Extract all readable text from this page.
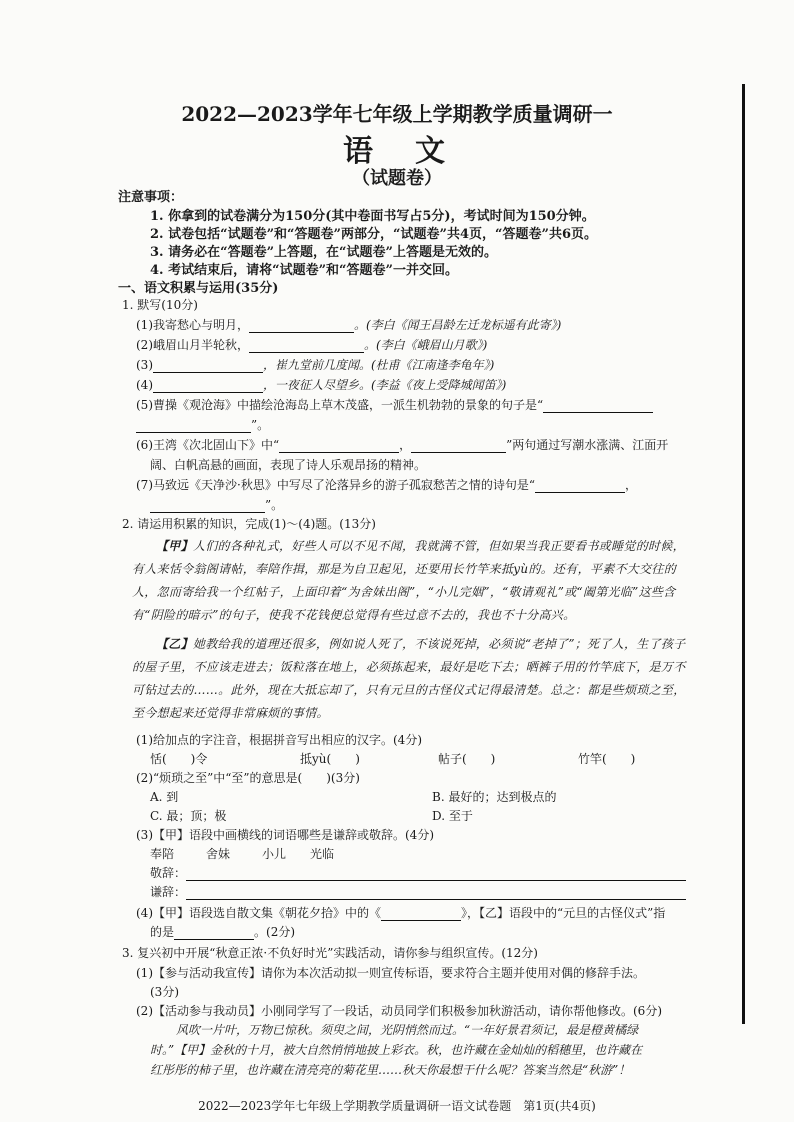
2022—2023学年七年级上学期教学质量调研一
语　文
（试题卷）
注意事项：
1. 你拿到的试卷满分为150分(其中卷面书写占5分)，考试时间为150分钟。
2. 试卷包括“试题卷”和“答题卷”两部分，“试题卷”共4页，“答题卷”共6页。
3. 请务必在“答题卷”上答题，在“试题卷”上答题是无效的。
4. 考试结束后，请将“试题卷”和“答题卷”一并交回。
一、语文积累与运用(35分)
1. 默写(10分)
(1)我寄愁心与明月，	。(李白《闻王昌龄左迁龙标遥有此寄》)
(2)峨眉山月半轮秋，	。(李白《峨眉山月歌》)
(3)	，崔九堂前几度闻。(杜甫《江南逢李龟年》)
(4)	，一夜征人尽望乡。(李益《夜上受降城闻笛》)
(5)曹操《观沧海》中描绘沧海岛上草木茂盛，一派生机勃勃的景象的句子是“
”。
(6)王湾《次北固山下》中“	，	”两句通过写潮水涨满、江面开
阔、白帆高悬的画面，表现了诗人乐观昂扬的精神。
(7)马致远《天净沙·秋思》中写尽了沦落异乡的游子孤寂愁苦之情的诗句是“	，
”。
2. 请运用积累的知识，完成(1)～(4)题。(13分)
【甲】人们的各种礼式，好些人可以不见不闻，我就满不管，但如果当我正要看书或睡觉的时候，有人来恬令翁阁请帖，奉陪作揖，那是为自卫起见，还要用长竹竿来抵yù的。还有，平素不大交往的人，忽而寄给我一个红帖子，上面印着“为舍妹出阁”，“小儿完姻”，“敬请观礼”或“阖第光临”这些含有“阴险的暗示”的句子，使我不花钱便总觉得有些过意不去的，我也不十分高兴。
【乙】她教给我的道理还很多，例如说人死了，不该说死掉，必须说“老掉了”；死了人，生了孩子的屋子里，不应该走进去；饭粒落在地上，必须拣起来，最好是吃下去；晒裤子用的竹竿底下，是万不可钻过去的……。此外，现在大抵忘却了，只有元旦的古怪仪式记得最清楚。总之：都是些烦琐之至，至今想起来还觉得非常麻烦的事情。
(1)给加点的字注音，根据拼音写出相应的汉字。(4分)
恬(　　)令	抵yù(　　)	帖子(　　)	竹竿(　　)
(2)“烦琐之至”中“至”的意思是(　　)(3分)
A. 到	B. 最好的；达到极点的
C. 最；顶；极	D. 至于
(3)【甲】语段中画横线的词语哪些是谦辞或敬辞。(4分)
奉陪	舍妹	小儿 光临
敬辞：
谦辞：
(4)【甲】语段选自散文集《朝花夕拾》中的《	》，【乙】语段中的“元旦的古怪仪式”指
的是	。(2分)
3. 复兴初中开展“秋意正浓·不负好时光”实践活动，请你参与组织宣传。(12分)
(1)【参与活动我宣传】请你为本次活动拟一则宣传标语，要求符合主题并使用对偶的修辞手法。
(3分)
(2)【活动参与我动员】小刚同学写了一段话，动员同学们积极参加秋游活动，请你帮他修改。(6分)
风吹一片叶，万物已惊秋。须臾之间，光阴悄然而过。“一年好景君须记，最是橙黄橘绿
时。”【甲】金秋的十月，被大自然悄悄地披上彩衣。秋，也许藏在金灿灿的稻穗里，也许藏在
红彤彤的柿子里，也许藏在清亮亮的菊花里……秋天你最想干什么呢？答案当然是“秋游”！
2022—2023学年七年级上学期教学质量调研一语文试卷题　第1页(共4页)
